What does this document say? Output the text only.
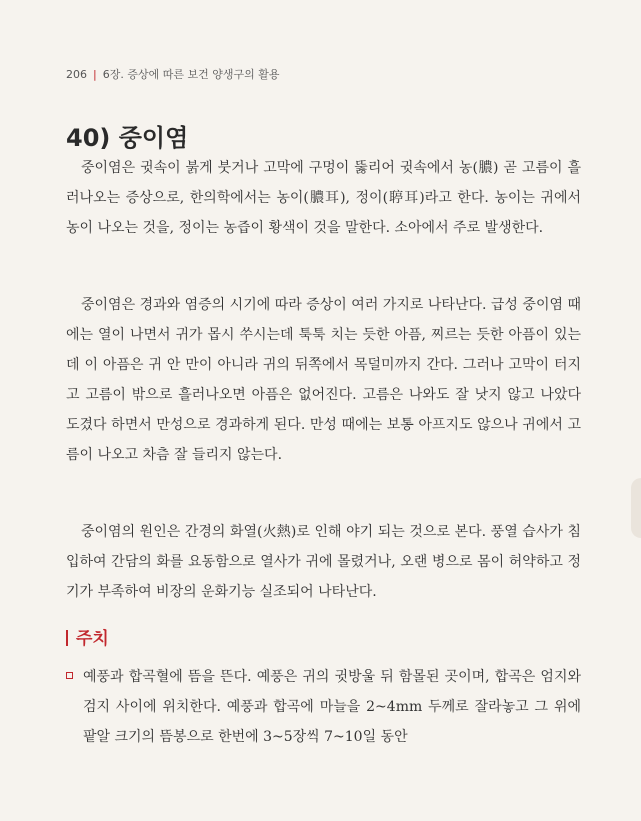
206 | 6장. 증상에 따른 보건 양생구의 활용
40) 중이염

중이염은 귓속이 붉게 붓거나 고막에 구멍이 뚫리어 귓속에서 농(膿) 곧 고름이 흘러나오는 증상으로, 한의학에서는 농이(膿耳), 정이(聤耳)라고 한다. 농이는 귀에서 농이 나오는 것을, 정이는 농즙이 황색이 것을 말한다. 소아에서 주로 발생한다.

중이염은 경과와 염증의 시기에 따라 증상이 여러 가지로 나타난다. 급성 중이염 때에는 열이 나면서 귀가 몹시 쑤시는데 툭툭 치는 듯한 아픔, 찌르는 듯한 아픔이 있는데 이 아픔은 귀 안 만이 아니라 귀의 뒤쪽에서 목덜미까지 간다. 그러나 고막이 터지고 고름이 밖으로 흘러나오면 아픔은 없어진다. 고름은 나와도 잘 낫지 않고 나았다 도겼다 하면서 만성으로 경과하게 된다. 만성 때에는 보통 아프지도 않으나 귀에서 고름이 나오고 차츰 잘 들리지 않는다.

중이염의 원인은 간경의 화열(火熱)로 인해 야기 되는 것으로 본다. 풍열 습사가 침입하여 간담의 화를 요동함으로 열사가 귀에 몰렸거나, 오랜 병으로 몸이 허약하고 정기가 부족하여 비장의 운화기능 실조되어 나타난다.

주치

예풍과 합곡혈에 뜸을 뜬다. 예풍은 귀의 귓방울 뒤 함몰된 곳이며, 합곡은 엄지와 검지 사이에 위치한다. 예풍과 합곡에 마늘을 2~4mm 두께로 잘라놓고 그 위에 팥알 크기의 뜸봉으로 한번에 3~5장씩 7~10일 동안
